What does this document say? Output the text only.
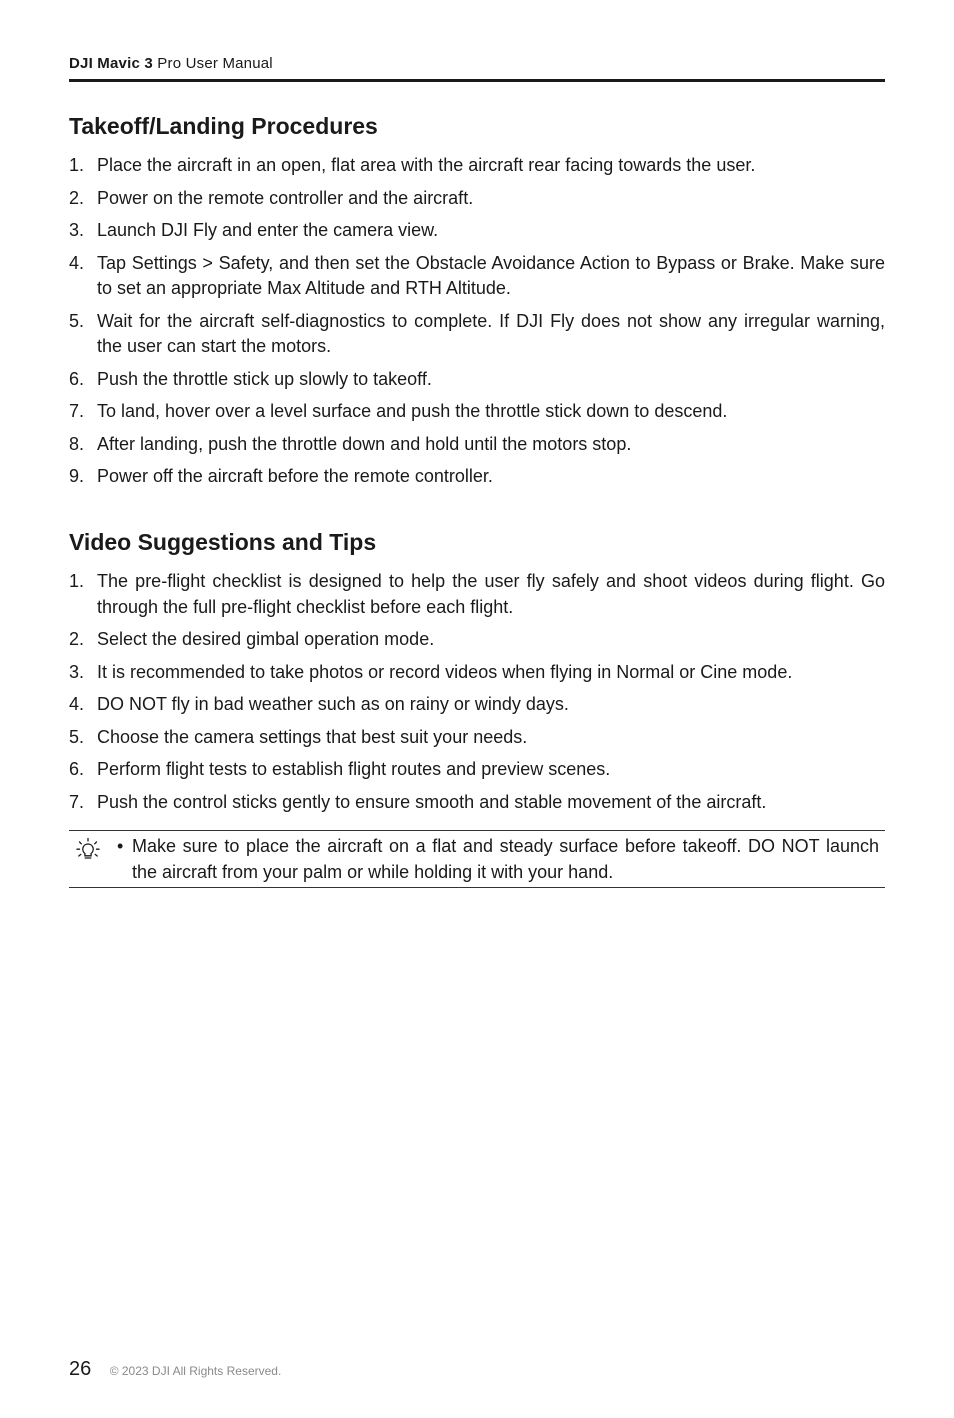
DJI Mavic 3 Pro User Manual
Takeoff/Landing Procedures
1. Place the aircraft in an open, flat area with the aircraft rear facing towards the user.
2. Power on the remote controller and the aircraft.
3. Launch DJI Fly and enter the camera view.
4. Tap Settings > Safety, and then set the Obstacle Avoidance Action to Bypass or Brake. Make sure to set an appropriate Max Altitude and RTH Altitude.
5. Wait for the aircraft self-diagnostics to complete. If DJI Fly does not show any irregular warning, the user can start the motors.
6. Push the throttle stick up slowly to takeoff.
7. To land, hover over a level surface and push the throttle stick down to descend.
8. After landing, push the throttle down and hold until the motors stop.
9. Power off the aircraft before the remote controller.
Video Suggestions and Tips
1. The pre-flight checklist is designed to help the user fly safely and shoot videos during flight. Go through the full pre-flight checklist before each flight.
2. Select the desired gimbal operation mode.
3. It is recommended to take photos or record videos when flying in Normal or Cine mode.
4. DO NOT fly in bad weather such as on rainy or windy days.
5. Choose the camera settings that best suit your needs.
6. Perform flight tests to establish flight routes and preview scenes.
7. Push the control sticks gently to ensure smooth and stable movement of the aircraft.
• Make sure to place the aircraft on a flat and steady surface before takeoff. DO NOT launch the aircraft from your palm or while holding it with your hand.
26 © 2023 DJI All Rights Reserved.
